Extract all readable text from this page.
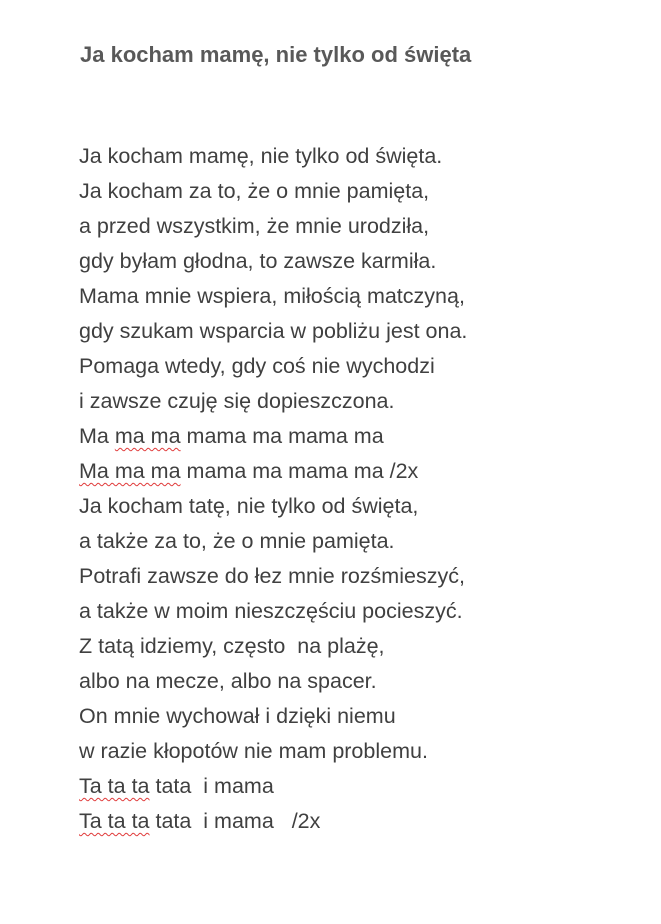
Ja kocham mamę, nie tylko od święta
Ja kocham mamę, nie tylko od święta.
Ja kocham za to, że o mnie pamięta,
a przed wszystkim, że mnie urodziła,
gdy byłam głodna, to zawsze karmiła.
Mama mnie wspiera, miłością matczyną,
gdy szukam wsparcia w pobliżu jest ona.
Pomaga wtedy, gdy coś nie wychodzi
i zawsze czuję się dopieszczona.
Ma ma ma mama ma mama ma
Ma ma ma mama ma mama ma /2x
Ja kocham tatę, nie tylko od święta,
a także za to, że o mnie pamięta.
Potrafi zawsze do łez mnie rozśmieszyć,
a także w moim nieszczęściu pocieszyć.
Z tatą idziemy, często  na plażę,
albo na mecze, albo na spacer.
On mnie wychował i dzięki niemu
w razie kłopotów nie mam problemu.
Ta ta ta tata  i mama
Ta ta ta tata  i mama   /2x
